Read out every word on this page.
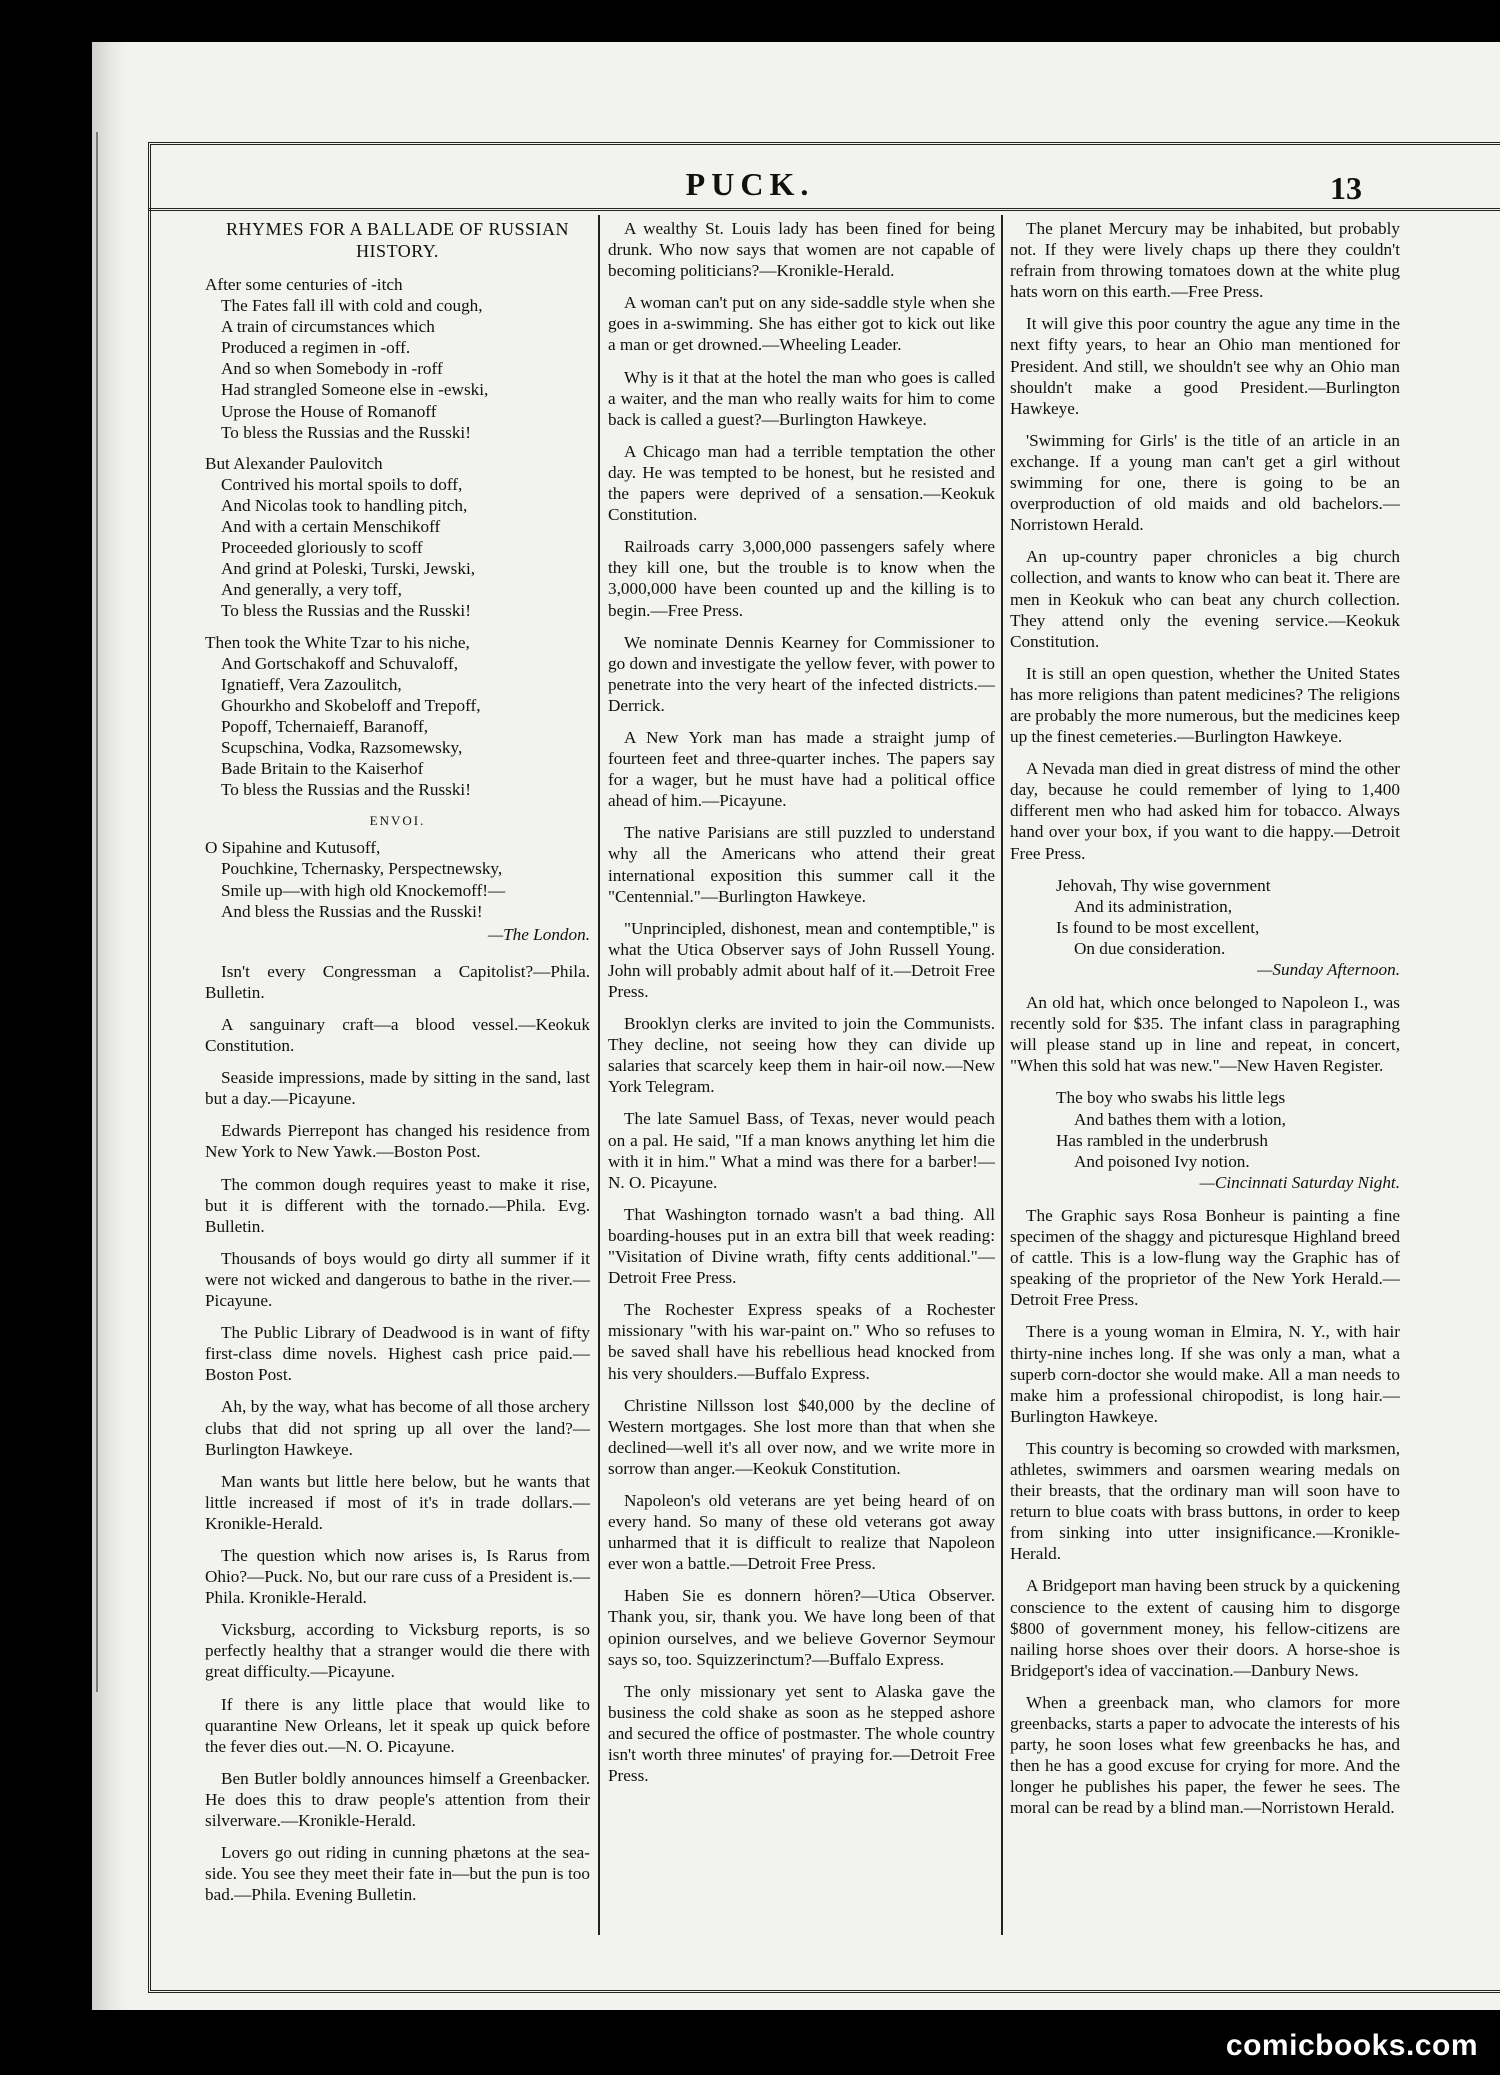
PUCK.	13
RHYMES FOR A BALLADE OF RUSSIAN HISTORY.
After some centuries of -itch
The Fates fall ill with cold and cough,
A train of circumstances which
Produced a regimen in -off.
And so when Somebody in -roff
Had strangled Someone else in -ewski,
Uprose the House of Romanoff
To bless the Russias and the Russki!
But Alexander Paulovitch
Contrived his mortal spoils to doff,
And Nicolas took to handling pitch,
And with a certain Menschikoff
Proceeded gloriously to scoff
And grind at Poleski, Turski, Jewski,
And generally, a very toff,
To bless the Russias and the Russki!
Then took the White Tzar to his niche,
And Gortschakoff and Schuvaloff,
Ignatieff, Vera Zazoulitch,
Ghourkho and Skobeloff and Trepoff,
Popoff, Tchernaieff, Baranoff,
Scupschina, Vodka, Razsomewsky,
Bade Britain to the Kaiserhof
To bless the Russias and the Russki!
ENVOI.
O Sipahine and Kutusoff,
Pouchkine, Tchernasky, Perspectnewsky,
Smile up—with high old Knockemoff!—
And bless the Russias and the Russki!
—The London.

Isn't every Congressman a Capitolist?—Phila. Bulletin.

A sanguinary craft—a blood vessel.—Keokuk Constitution.

Seaside impressions, made by sitting in the sand, last but a day.—Picayune.

Edwards Pierrepont has changed his residence from New York to New Yawk.—Boston Post.

The common dough requires yeast to make it rise, but it is different with the tornado.—Phila. Evg. Bulletin.

Thousands of boys would go dirty all summer if it were not wicked and dangerous to bathe in the river.—Picayune.

The Public Library of Deadwood is in want of fifty first-class dime novels. Highest cash price paid.—Boston Post.

Ah, by the way, what has become of all those archery clubs that did not spring up all over the land?—Burlington Hawkeye.

Man wants but little here below, but he wants that little increased if most of it's in trade dollars.—Kronikle-Herald.

The question which now arises is, Is Rarus from Ohio?—Puck. No, but our rare cuss of a President is.—Phila. Kronikle-Herald.

Vicksburg, according to Vicksburg reports, is so perfectly healthy that a stranger would die there with great difficulty.—Picayune.

If there is any little place that would like to quarantine New Orleans, let it speak up quick before the fever dies out.—N. O. Picayune.

Ben Butler boldly announces himself a Greenbacker. He does this to draw people's attention from their silverware.—Kronikle-Herald.

Lovers go out riding in cunning phætons at the sea-side. You see they meet their fate in—but the pun is too bad.—Phila. Evening Bulletin.

A wealthy St. Louis lady has been fined for being drunk. Who now says that women are not capable of becoming politicians?—Kronikle-Herald.

A woman can't put on any side-saddle style when she goes in a-swimming. She has either got to kick out like a man or get drowned.—Wheeling Leader.

Why is it that at the hotel the man who goes is called a waiter, and the man who really waits for him to come back is called a guest?—Burlington Hawkeye.

A Chicago man had a terrible temptation the other day. He was tempted to be honest, but he resisted and the papers were deprived of a sensation.—Keokuk Constitution.

Railroads carry 3,000,000 passengers safely where they kill one, but the trouble is to know when the 3,000,000 have been counted up and the killing is to begin.—Free Press.

We nominate Dennis Kearney for Commissioner to go down and investigate the yellow fever, with power to penetrate into the very heart of the infected districts.—Derrick.

A New York man has made a straight jump of fourteen feet and three-quarter inches. The papers say for a wager, but he must have had a political office ahead of him.—Picayune.

The native Parisians are still puzzled to understand why all the Americans who attend their great international exposition this summer call it the "Centennial."—Burlington Hawkeye.

"Unprincipled, dishonest, mean and contemptible," is what the Utica Observer says of John Russell Young. John will probably admit about half of it.—Detroit Free Press.

Brooklyn clerks are invited to join the Communists. They decline, not seeing how they can divide up salaries that scarcely keep them in hair-oil now.—New York Telegram.

The late Samuel Bass, of Texas, never would peach on a pal. He said, "If a man knows anything let him die with it in him." What a mind was there for a barber!—N. O. Picayune.

That Washington tornado wasn't a bad thing. All boarding-houses put in an extra bill that week reading: "Visitation of Divine wrath, fifty cents additional."—Detroit Free Press.

The Rochester Express speaks of a Rochester missionary "with his war-paint on." Who so refuses to be saved shall have his rebellious head knocked from his very shoulders.—Buffalo Express.

Christine Nillsson lost $40,000 by the decline of Western mortgages. She lost more than that when she declined—well it's all over now, and we write more in sorrow than anger.—Keokuk Constitution.

Napoleon's old veterans are yet being heard of on every hand. So many of these old veterans got away unharmed that it is difficult to realize that Napoleon ever won a battle.—Detroit Free Press.

Haben Sie es donnern hören?—Utica Observer. Thank you, sir, thank you. We have long been of that opinion ourselves, and we believe Governor Seymour says so, too. Squizzerinctum?—Buffalo Express.

The only missionary yet sent to Alaska gave the business the cold shake as soon as he stepped ashore and secured the office of postmaster. The whole country isn't worth three minutes' of praying for.—Detroit Free Press.

The planet Mercury may be inhabited, but probably not. If they were lively chaps up there they couldn't refrain from throwing tomatoes down at the white plug hats worn on this earth.—Free Press.

It will give this poor country the ague any time in the next fifty years, to hear an Ohio man mentioned for President. And still, we shouldn't see why an Ohio man shouldn't make a good President.—Burlington Hawkeye.

'Swimming for Girls' is the title of an article in an exchange. If a young man can't get a girl without swimming for one, there is going to be an overproduction of old maids and old bachelors.—Norristown Herald.

An up-country paper chronicles a big church collection, and wants to know who can beat it. There are men in Keokuk who can beat any church collection. They attend only the evening service.—Keokuk Constitution.

It is still an open question, whether the United States has more religions than patent medicines? The religions are probably the more numerous, but the medicines keep up the finest cemeteries.—Burlington Hawkeye.

A Nevada man died in great distress of mind the other day, because he could remember of lying to 1,400 different men who had asked him for tobacco. Always hand over your box, if you want to die happy.—Detroit Free Press.

Jehovah, Thy wise government
And its administration,
Is found to be most excellent,
On due consideration.
—Sunday Afternoon.

An old hat, which once belonged to Napoleon I., was recently sold for $35. The infant class in paragraphing will please stand up in line and repeat, in concert, "When this sold hat was new."—New Haven Register.

The boy who swabs his little legs
And bathes them with a lotion,
Has rambled in the underbrush
And poisoned Ivy notion.
—Cincinnati Saturday Night.

The Graphic says Rosa Bonheur is painting a fine specimen of the shaggy and picturesque Highland breed of cattle. This is a low-flung way the Graphic has of speaking of the proprietor of the New York Herald.—Detroit Free Press.

There is a young woman in Elmira, N. Y., with hair thirty-nine inches long. If she was only a man, what a superb corn-doctor she would make. All a man needs to make him a professional chiropodist, is long hair.—Burlington Hawkeye.

This country is becoming so crowded with marksmen, athletes, swimmers and oarsmen wearing medals on their breasts, that the ordinary man will soon have to return to blue coats with brass buttons, in order to keep from sinking into utter insignificance.—Kronikle-Herald.

A Bridgeport man having been struck by a quickening conscience to the extent of causing him to disgorge $800 of government money, his fellow-citizens are nailing horse shoes over their doors. A horse-shoe is Bridgeport's idea of vaccination.—Danbury News.

When a greenback man, who clamors for more greenbacks, starts a paper to advocate the interests of his party, he soon loses what few greenbacks he has, and then he has a good excuse for crying for more. And the longer he publishes his paper, the fewer he sees. The moral can be read by a blind man.—Norristown Herald.

comicbooks.com
